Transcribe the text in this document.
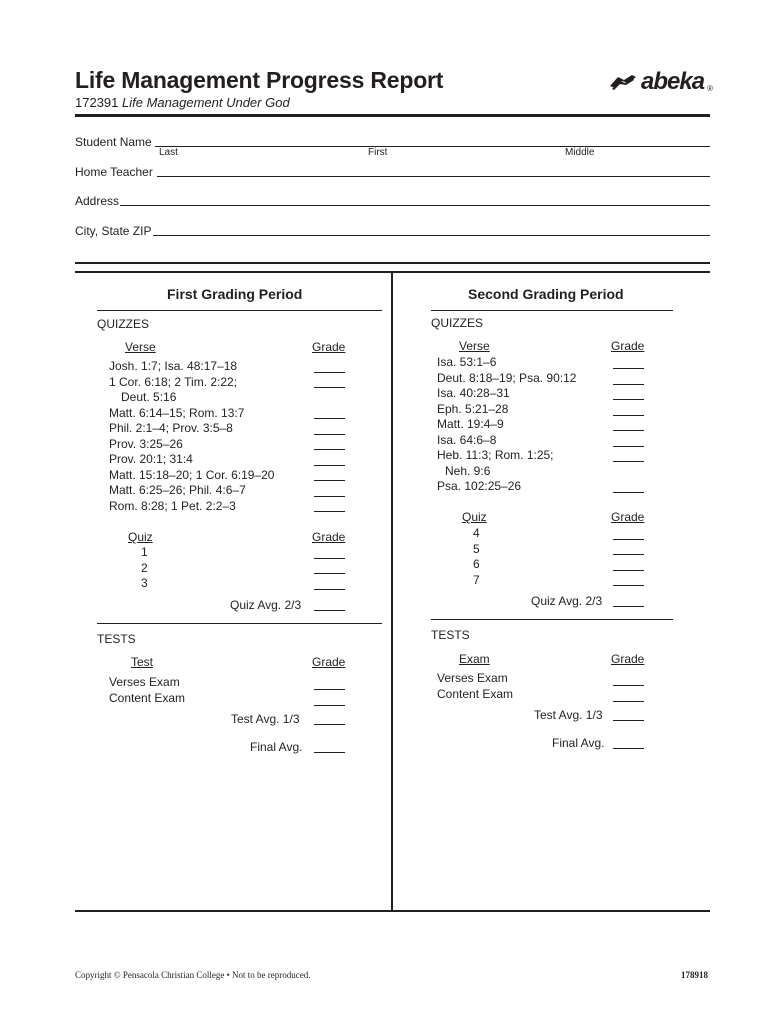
Life Management Progress Report
172391 Life Management Under God
abeka ®
Student Name
Last	First	Middle
Home Teacher
Address
City, State ZIP
First Grading Period
QUIZZES
Verse	Grade
Josh. 1:7; Isa. 48:17–18
1 Cor. 6:18; 2 Tim. 2:22;
Deut. 5:16
Matt. 6:14–15; Rom. 13:7
Phil. 2:1–4; Prov. 3:5–8
Prov. 3:25–26
Prov. 20:1; 31:4
Matt. 15:18–20; 1 Cor. 6:19–20
Matt. 6:25–26; Phil. 4:6–7
Rom. 8:28; 1 Pet. 2:2–3
Quiz	Grade
1
2
3
Quiz Avg. 2/3
TESTS
Test	Grade
Verses Exam
Content Exam
Test Avg. 1/3
Final Avg.
Second Grading Period
QUIZZES
Verse	Grade
Isa. 53:1–6
Deut. 8:18–19; Psa. 90:12
Isa. 40:28–31
Eph. 5:21–28
Matt. 19:4–9
Isa. 64:6–8
Heb. 11:3; Rom. 1:25;
Neh. 9:6
Psa. 102:25–26
Quiz	Grade
4
5
6
7
Quiz Avg. 2/3
TESTS
Exam	Grade
Verses Exam
Content Exam
Test Avg. 1/3
Final Avg.
Copyright © Pensacola Christian College • Not to be reproduced.	178918
